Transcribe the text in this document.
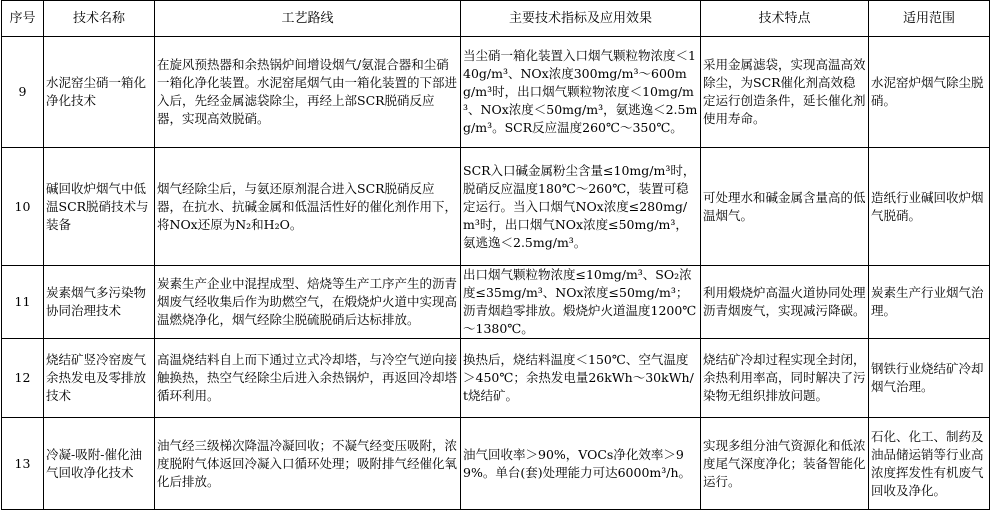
序号	技术名称	工艺路线	主要技术指标及应用效果	技术特点	适用范围
9	水泥窑尘硝一箱化净化技术	在旋风预热器和余热锅炉间增设烟气/氨混合器和尘硝一箱化净化装置。水泥窑尾烟气由一箱化装置的下部进入后，先经金属滤袋除尘，再经上部SCR脱硝反应器，实现高效脱硝。	当尘硝一箱化装置入口烟气颗粒物浓度＜140g/m³、NOx浓度300mg/m³～600mg/m³时，出口烟气颗粒物浓度＜10mg/m³、NOx浓度＜50mg/m³，氨逃逸＜2.5mg/m³。SCR反应温度260℃～350℃。	采用金属滤袋，实现高温高效除尘，为SCR催化剂高效稳定运行创造条件，延长催化剂使用寿命。	水泥窑炉烟气除尘脱硝。
10	碱回收炉烟气中低温SCR脱硝技术与装备	烟气经除尘后，与氨还原剂混合进入SCR脱硝反应器，在抗水、抗碱金属和低温活性好的催化剂作用下，将NOx还原为N₂和H₂O。	SCR入口碱金属粉尘含量≤10mg/m³时，脱硝反应温度180℃～260℃，装置可稳定运行。当入口烟气NOx浓度≤280mg/m³时，出口烟气NOx浓度≤50mg/m³，氨逃逸＜2.5mg/m³。	可处理水和碱金属含量高的低温烟气。	造纸行业碱回收炉烟气脱硝。
11	炭素烟气多污染物协同治理技术	炭素生产企业中混捏成型、焙烧等生产工序产生的沥青烟废气经收集后作为助燃空气，在煅烧炉火道中实现高温燃烧净化，烟气经除尘脱硫脱硝后达标排放。	出口烟气颗粒物浓度≤10mg/m³、SO₂浓度≤35mg/m³、NOx浓度≤50mg/m³；沥青烟趋零排放。煅烧炉火道温度1200℃～1380℃。	利用煅烧炉高温火道协同处理沥青烟废气，实现减污降碳。	炭素生产行业烟气治理。
12	烧结矿竖冷窑废气余热发电及零排放技术	高温烧结料自上而下通过立式冷却塔，与冷空气逆向接触换热，热空气经除尘后进入余热锅炉，再返回冷却塔循环利用。	换热后，烧结料温度＜150℃、空气温度＞450℃；余热发电量26kWh～30kWh/t烧结矿。	烧结矿冷却过程实现全封闭，余热利用率高，同时解决了污染物无组织排放问题。	钢铁行业烧结矿冷却烟气治理。
13	冷凝-吸附-催化油气回收净化技术	油气经三级梯次降温冷凝回收；不凝气经变压吸附，浓度脱附气体返回冷凝入口循环处理；吸附排气经催化氧化后排放。	油气回收率＞90%，VOCs净化效率＞99%。单台(套)处理能力可达6000m³/h。	实现多组分油气资源化和低浓度尾气深度净化；装备智能化运行。	石化、化工、制药及油品储运销等行业高浓度挥发性有机废气回收及净化。
